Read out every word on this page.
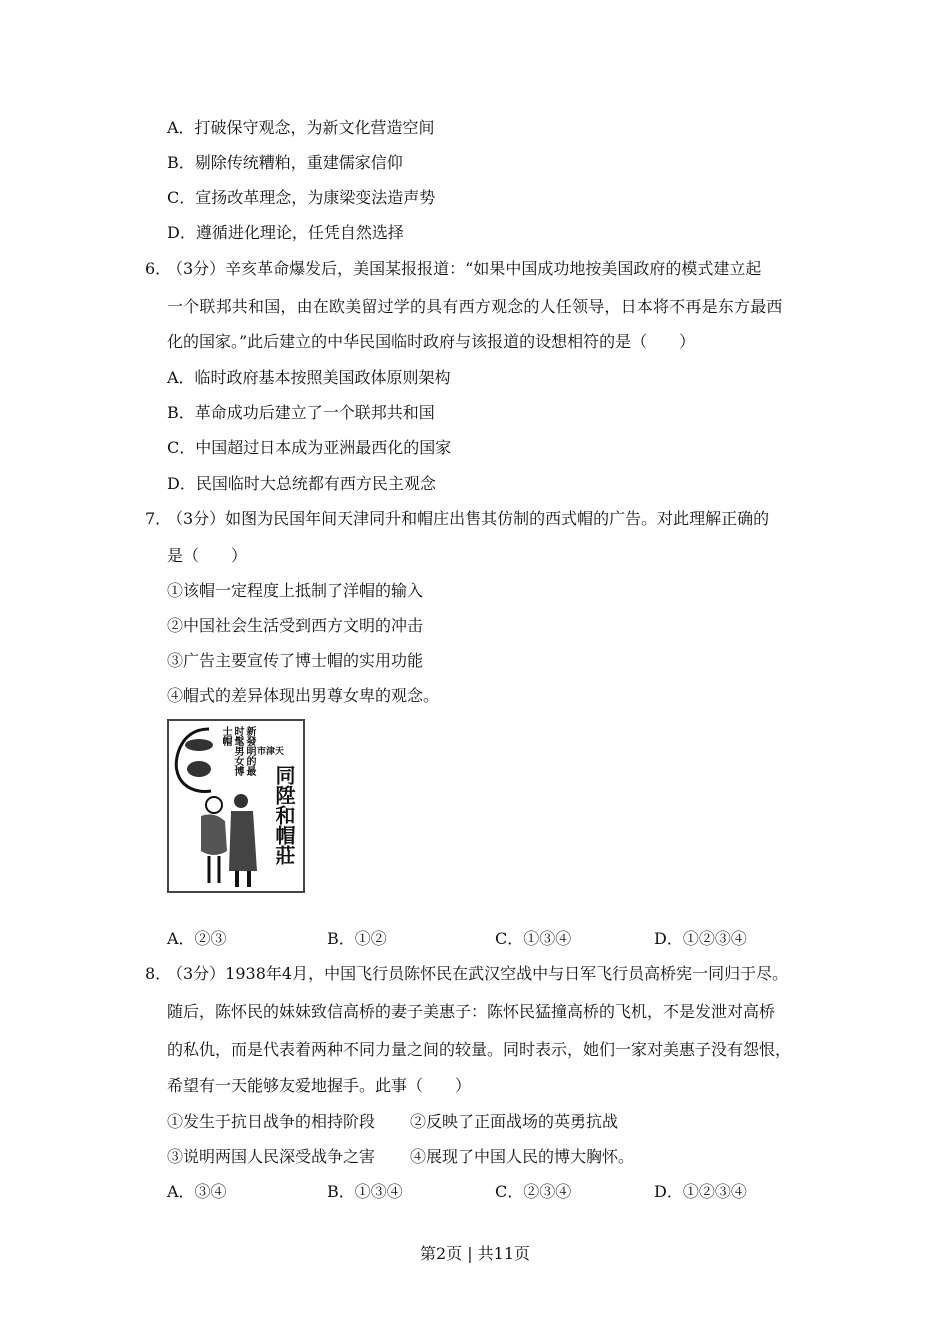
A．打破保守观念，为新文化营造空间
B．剔除传统糟粕，重建儒家信仰
C．宣扬改革理念，为康梁变法造声势
D．遵循进化理论，任凭自然选择
6．
（3分）辛亥革命爆发后，美国某报报道：“如果中国成功地按美国政府的模式建立起
一个联邦共和国，由在欧美留过学的具有西方观念的人任领导，日本将不再是东方最西
化的国家。”此后建立的中华民国临时政府与该报道的设想相符的是（　　）
A．临时政府基本按照美国政体原则架构
B．革命成功后建立了一个联邦共和国
C．中国超过日本成为亚洲最西化的国家
D．民国临时大总统都有西方民主观念
7．
（3分）如图为民国年间天津同升和帽庄出售其仿制的西式帽的广告。对此理解正确的
是（　　）
①该帽一定程度上抵制了洋帽的输入
②中国社会生活受到西方文明的冲击
③广告主要宣传了博士帽的实用功能
④帽式的差异体现出男尊女卑的观念。
新發明的最时髦男女博士帽
天津市
同陞和帽莊
A．②③	B．①②	C．①③④	D．①②③④
8．
（3分）1938年4月，中国飞行员陈怀民在武汉空战中与日军飞行员高桥宪一同归于尽。
随后，陈怀民的妹妹致信高桥的妻子美惠子：陈怀民猛撞高桥的飞机，不是发泄对高桥
的私仇，而是代表着两种不同力量之间的较量。同时表示，她们一家对美惠子没有怨恨，
希望有一天能够友爱地握手。此事（　　）
①发生于抗日战争的相持阶段 ②反映了正面战场的英勇抗战
③说明两国人民深受战争之害 ④展现了中国人民的博大胸怀。
A．③④	B．①③④	C．②③④	D．①②③④
第2页 | 共11页
